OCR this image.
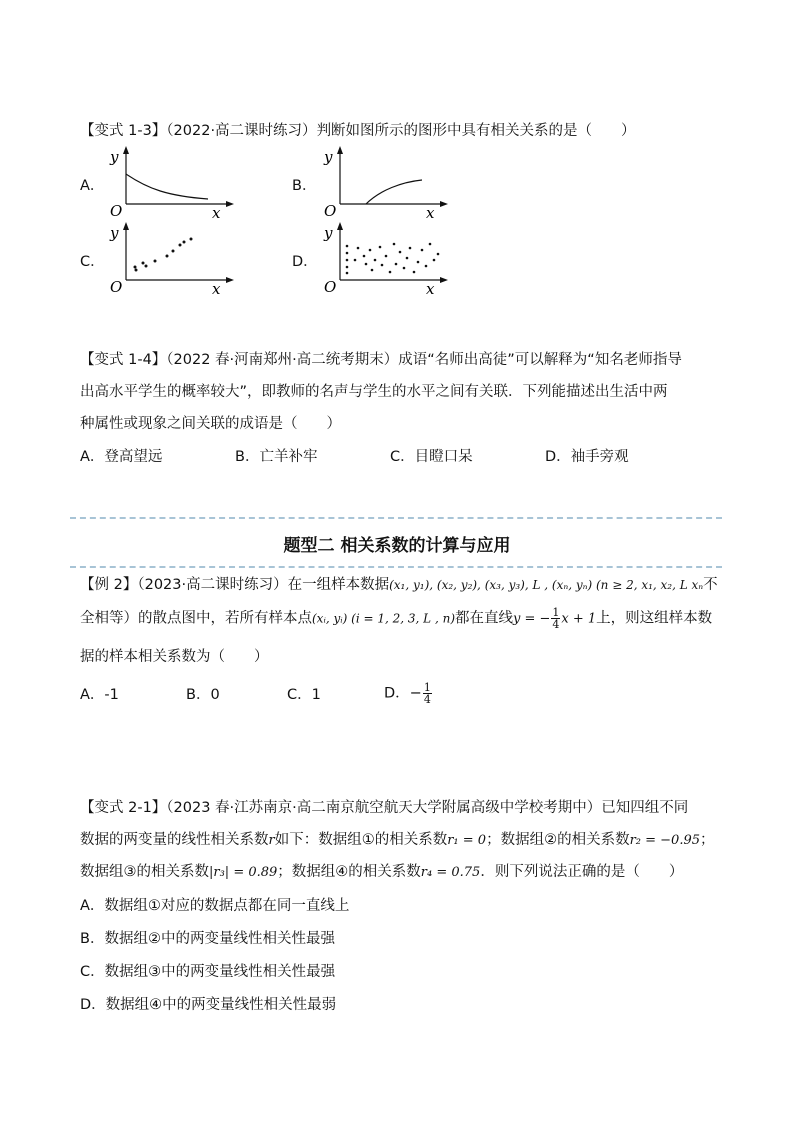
【变式 1-3】（2022·高二课时练习）判断如图所示的图形中具有相关关系的是（　　）
A．
y
O	x
B．
y
O	x
C．
y
O	x
D．
y
O	x
【变式 1-4】（2022 春·河南郑州·高二统考期末）成语“名师出高徒”可以解释为“知名老师指导
出高水平学生的概率较大”，即教师的名声与学生的水平之间有关联．下列能描述出生活中两
种属性或现象之间关联的成语是（　　）
A．登高望远	B．亡羊补牢	C．目瞪口呆	D．袖手旁观
题型二 相关系数的计算与应用
【例 2】（2023·高二课时练习）在一组样本数据(x₁, y₁), (x₂, y₂), (x₃, y₃), L , (xₙ, yₙ) (n ≥ 2, x₁, x₂, L xₙ不
全相等）的散点图中，若所有样本点(xᵢ, yᵢ) (i = 1, 2, 3, L , n)都在直线y = − $\frac{1}{4}$ x + 1上，则这组样本数
据的样本相关系数为（　　）
A．-1	B．0	C．1	D．− $\frac{1}{4}$
【变式 2-1】（2023 春·江苏南京·高二南京航空航天大学附属高级中学校考期中）已知四组不同
数据的两变量的线性相关系数r如下：数据组①的相关系数r₁ = 0；数据组②的相关系数r₂ = −0.95；
数据组③的相关系数|r₃| = 0.89；数据组④的相关系数r₄ = 0.75．则下列说法正确的是（　　）
A．数据组①对应的数据点都在同一直线上
B．数据组②中的两变量线性相关性最强
C．数据组③中的两变量线性相关性最强
D．数据组④中的两变量线性相关性最弱
